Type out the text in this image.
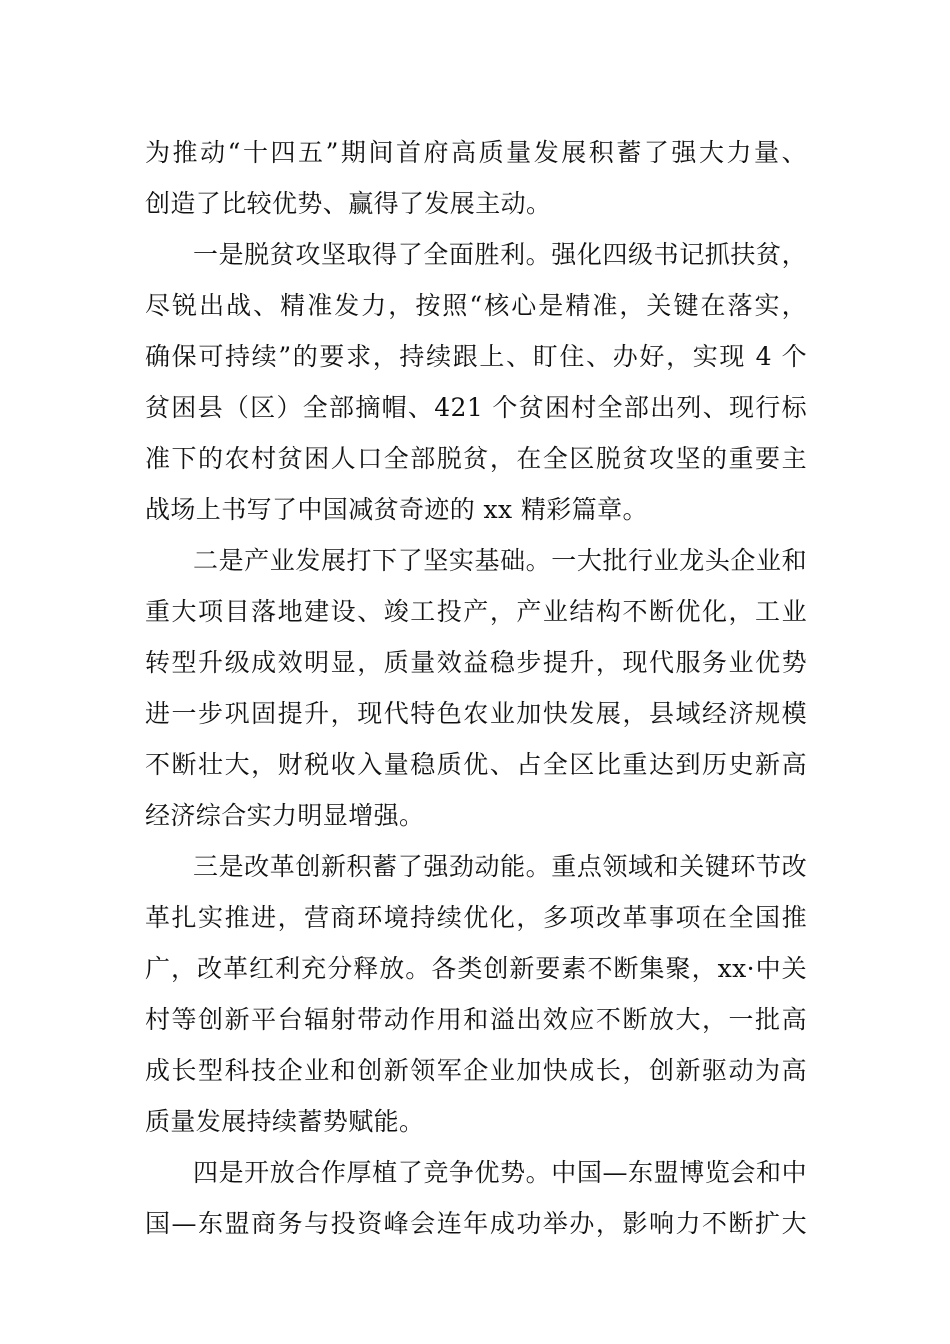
为推动“十四五”期间首府高质量发展积蓄了强大力量、
创造了比较优势、赢得了发展主动。
一是脱贫攻坚取得了全面胜利。强化四级书记抓扶贫，
尽锐出战、精准发力，按照“核心是精准，关键在落实，
确保可持续”的要求，持续跟上、盯住、办好，实现 4 个
贫困县（区）全部摘帽、421 个贫困村全部出列、现行标
准下的农村贫困人口全部脱贫，在全区脱贫攻坚的重要主
战场上书写了中国减贫奇迹的 xx 精彩篇章。
二是产业发展打下了坚实基础。一大批行业龙头企业和
重大项目落地建设、竣工投产，产业结构不断优化，工业
转型升级成效明显，质量效益稳步提升，现代服务业优势
进一步巩固提升，现代特色农业加快发展，县域经济规模
不断壮大，财税收入量稳质优、占全区比重达到历史新高
经济综合实力明显增强。
三是改革创新积蓄了强劲动能。重点领域和关键环节改
革扎实推进，营商环境持续优化，多项改革事项在全国推
广，改革红利充分释放。各类创新要素不断集聚，xx·中关
村等创新平台辐射带动作用和溢出效应不断放大，一批高
成长型科技企业和创新领军企业加快成长，创新驱动为高
质量发展持续蓄势赋能。
四是开放合作厚植了竞争优势。中国—东盟博览会和中
国—东盟商务与投资峰会连年成功举办，影响力不断扩大
